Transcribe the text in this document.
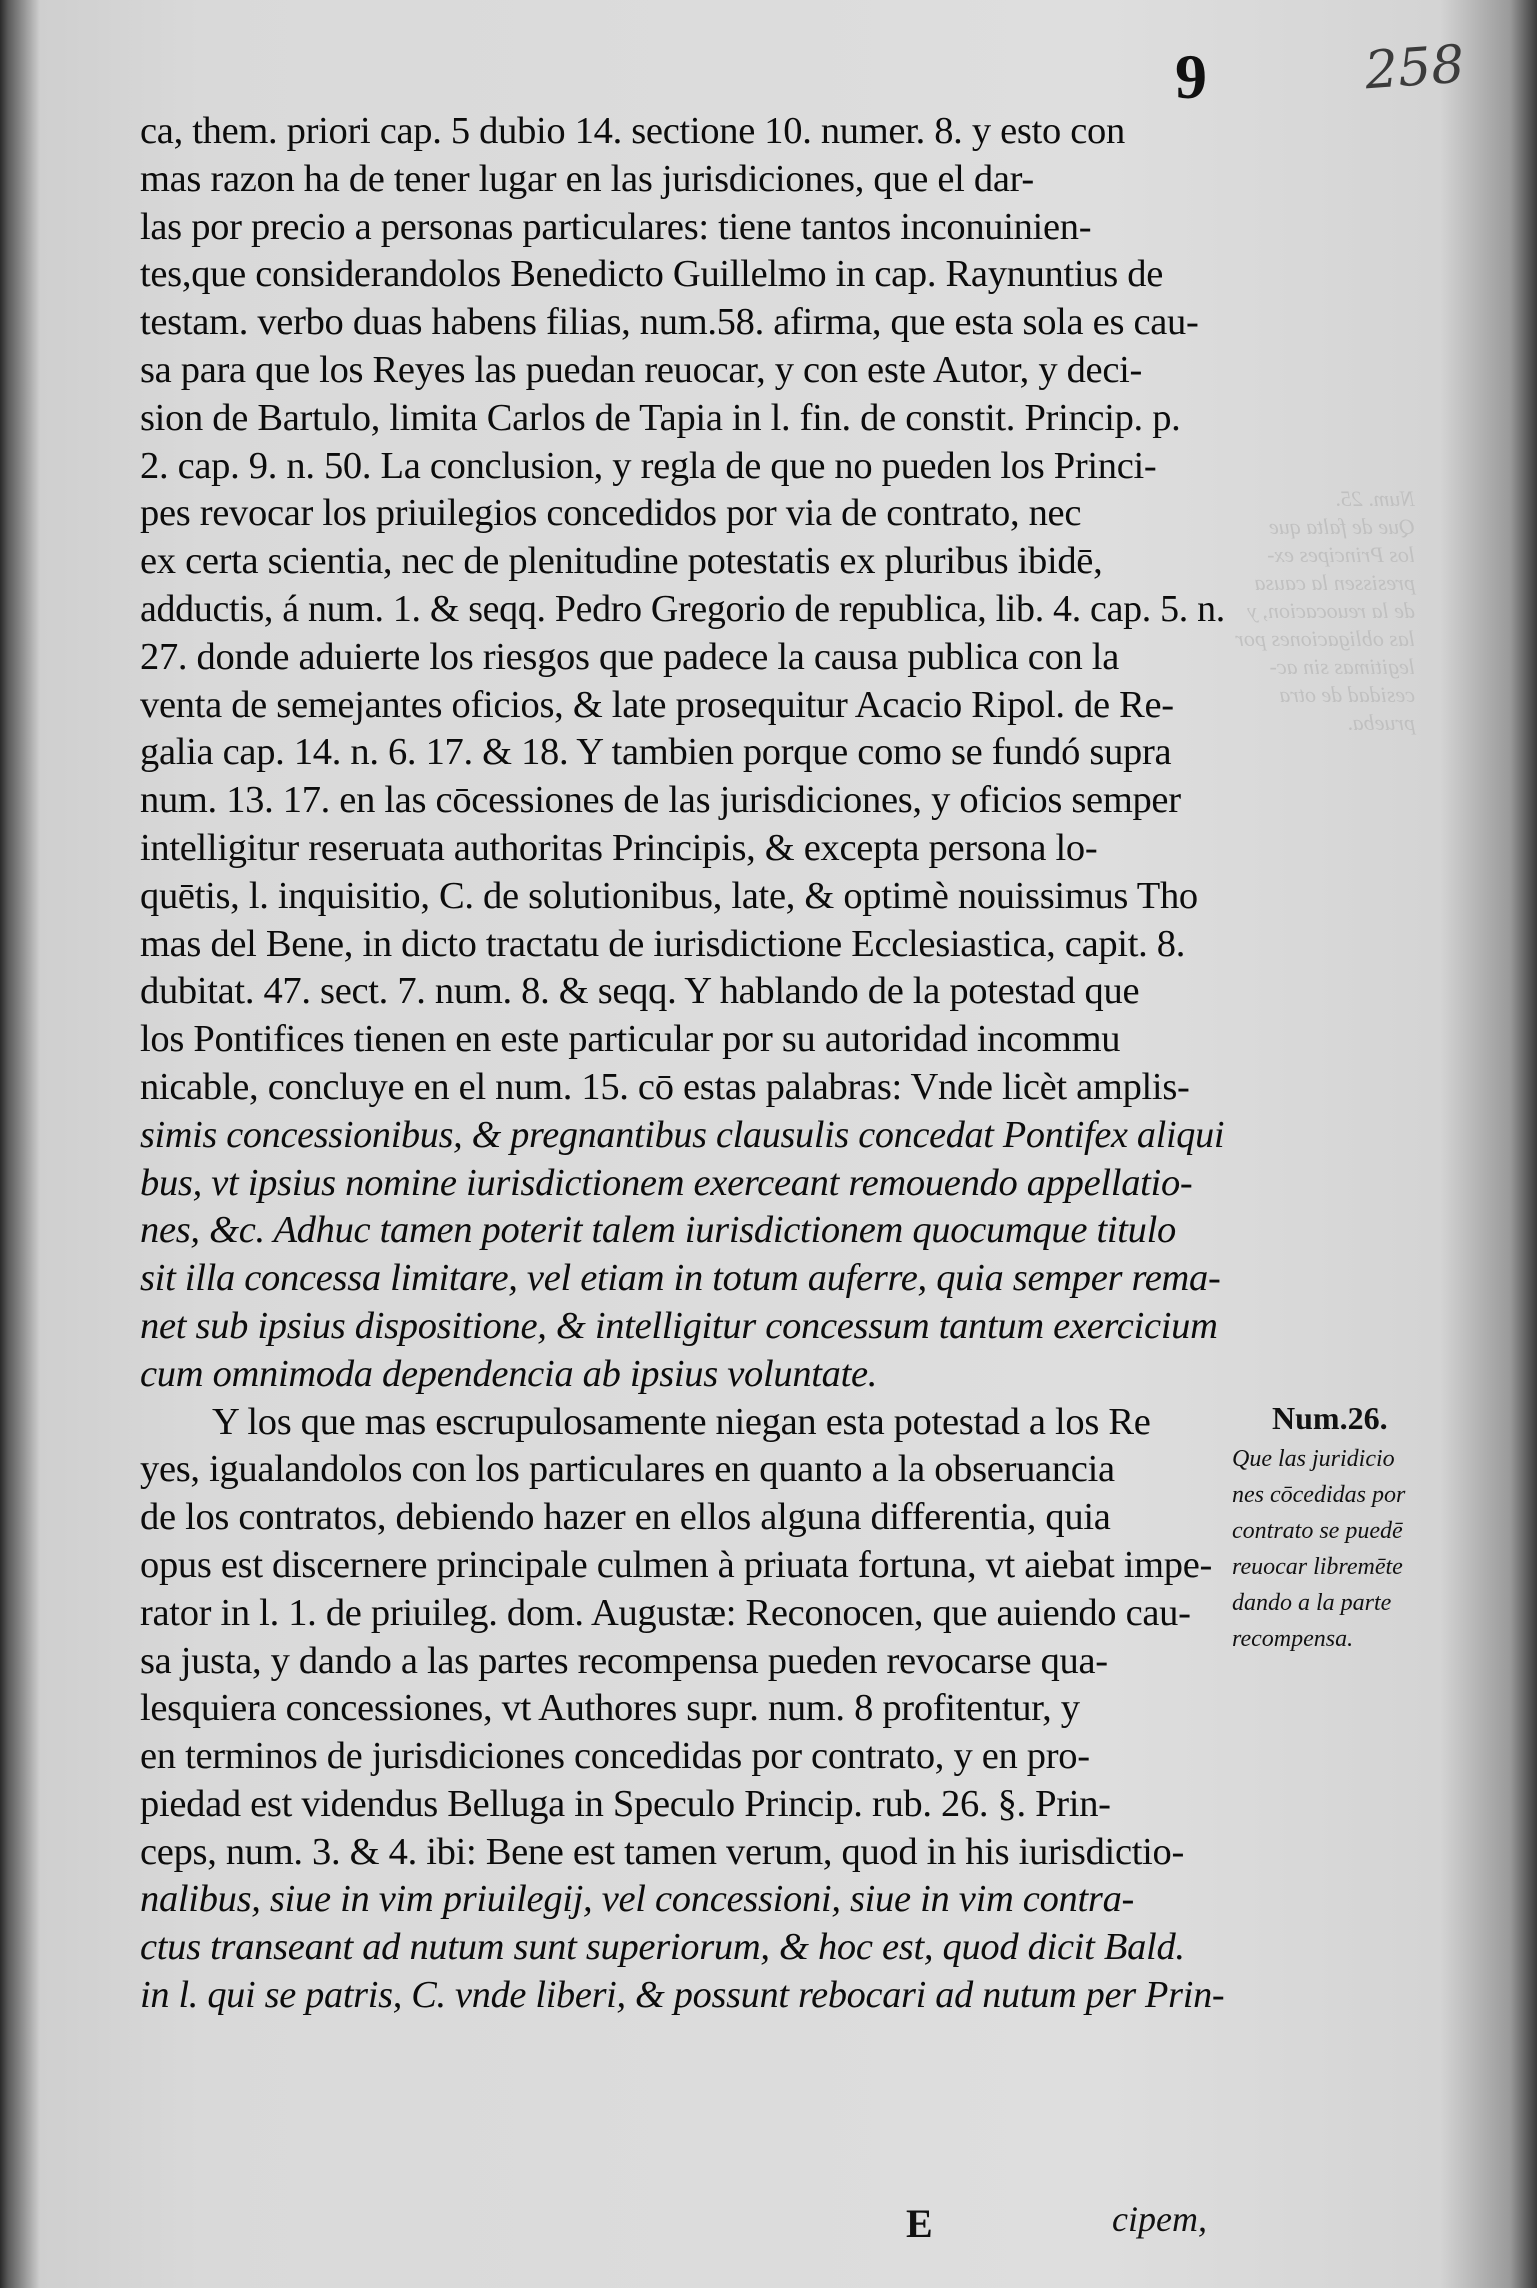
9	258
Num. 25.
Que de falta que
los Principes ex-
presissen la causa
de la reuocacion, y
las obligaciones por
legitimas sin ac-
cesidad de otra
prueba.
ca, them. priori cap. 5 dubio 14. sectione 10. numer. 8. y esto con
mas razon ha de tener lugar en las jurisdiciones, que el dar-
las por precio a personas particulares: tiene tantos inconuinien-
tes,que considerandolos Benedicto Guillelmo in cap. Raynuntius de
testam. verbo duas habens filias, num.58. afirma, que esta sola es cau-
sa para que los Reyes las puedan reuocar, y con este Autor, y deci-
sion de Bartulo, limita Carlos de Tapia in l. fin. de constit. Princip. p.
2. cap. 9. n. 50. La conclusion, y regla de que no pueden los Princi-
pes revocar los priuilegios concedidos por via de contrato, nec
ex certa scientia, nec de plenitudine potestatis ex pluribus ibidē,
adductis, á num. 1. & seqq. Pedro Gregorio de republica, lib. 4. cap. 5. n.
27. donde aduierte los riesgos que padece la causa publica con la
venta de semejantes oficios, & late prosequitur Acacio Ripol. de Re-
galia cap. 14. n. 6. 17. & 18. Y tambien porque como se fundó supra
num. 13. 17. en las cōcessiones de las jurisdiciones, y oficios semper
intelligitur reseruata authoritas Principis, & excepta persona lo-
quētis, l. inquisitio, C. de solutionibus, late, & optimè nouissimus Tho
mas del Bene, in dicto tractatu de iurisdictione Ecclesiastica, capit. 8.
dubitat. 47. sect. 7. num. 8. & seqq. Y hablando de la potestad que
los Pontifices tienen en este particular por su autoridad incommu
nicable, concluye en el num. 15. cō estas palabras: Vnde licèt amplis-
simis concessionibus, & pregnantibus clausulis concedat Pontifex aliqui
bus, vt ipsius nomine iurisdictionem exerceant remouendo appellatio-
nes, &c. Adhuc tamen poterit talem iurisdictionem quocumque titulo
sit illa concessa limitare, vel etiam in totum auferre, quia semper rema-
net sub ipsius dispositione, & intelligitur concessum tantum exercicium
cum omnimoda dependencia ab ipsius voluntate.
Y los que mas escrupulosamente niegan esta potestad a los Re
yes, igualandolos con los particulares en quanto a la obseruancia
de los contratos, debiendo hazer en ellos alguna differentia, quia
opus est discernere principale culmen à priuata fortuna, vt aiebat impe-
rator in l. 1. de priuileg. dom. Augustæ: Reconocen, que auiendo cau-
sa justa, y dando a las partes recompensa pueden revocarse qua-
lesquiera concessiones, vt Authores supr. num. 8 profitentur, y
en terminos de jurisdiciones concedidas por contrato, y en pro-
piedad est videndus Belluga in Speculo Princip. rub. 26. §. Prin-
ceps, num. 3. & 4. ibi: Bene est tamen verum, quod in his iurisdictio-
nalibus, siue in vim priuilegij, vel concessioni, siue in vim contra-
ctus transeant ad nutum sunt superiorum, & hoc est, quod dicit Bald.
in l. qui se patris, C. vnde liberi, & possunt rebocari ad nutum per Prin-
Num.26.
Que las juridicio
nes cōcedidas por
contrato se puedē
reuocar libremēte
dando a la parte
recompensa.
E	cipem,
